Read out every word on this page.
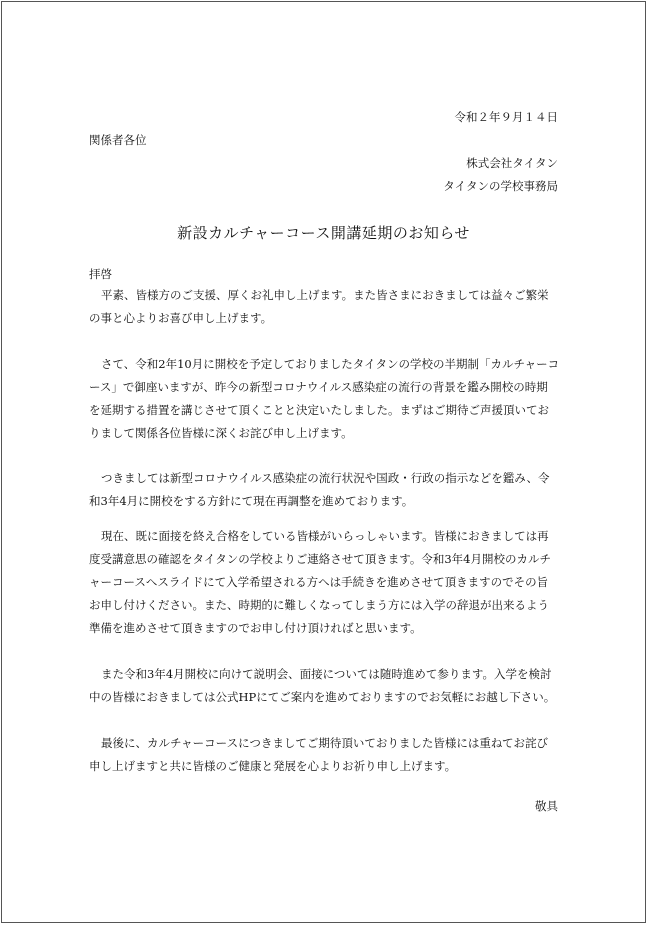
令和２年９月１４日
関係者各位
株式会社タイタン
タイタンの学校事務局
新設カルチャーコース開講延期のお知らせ
拝啓
平素、皆様方のご支援、厚くお礼申し上げます。また皆さまにおきましては益々ご繁栄
の事と心よりお喜び申し上げます。
さて、令和2年10月に開校を予定しておりましたタイタンの学校の半期制「カルチャーコ
ース」で御座いますが、昨今の新型コロナウイルス感染症の流行の背景を鑑み開校の時期
を延期する措置を講じさせて頂くことと決定いたしました。まずはご期待ご声援頂いてお
りまして関係各位皆様に深くお詫び申し上げます。
つきましては新型コロナウイルス感染症の流行状況や国政・行政の指示などを鑑み、令
和3年4月に開校をする方針にて現在再調整を進めております。
現在、既に面接を終え合格をしている皆様がいらっしゃいます。皆様におきましては再
度受講意思の確認をタイタンの学校よりご連絡させて頂きます。令和3年4月開校のカルチ
ャーコースへスライドにて入学希望される方へは手続きを進めさせて頂きますのでその旨
お申し付けください。また、時期的に難しくなってしまう方には入学の辞退が出来るよう
準備を進めさせて頂きますのでお申し付け頂ければと思います。
また令和3年4月開校に向けて説明会、面接については随時進めて参ります。入学を検討
中の皆様におきましては公式HPにてご案内を進めておりますのでお気軽にお越し下さい。
最後に、カルチャーコースにつきましてご期待頂いておりました皆様には重ねてお詫び
申し上げますと共に皆様のご健康と発展を心よりお祈り申し上げます。
敬具
